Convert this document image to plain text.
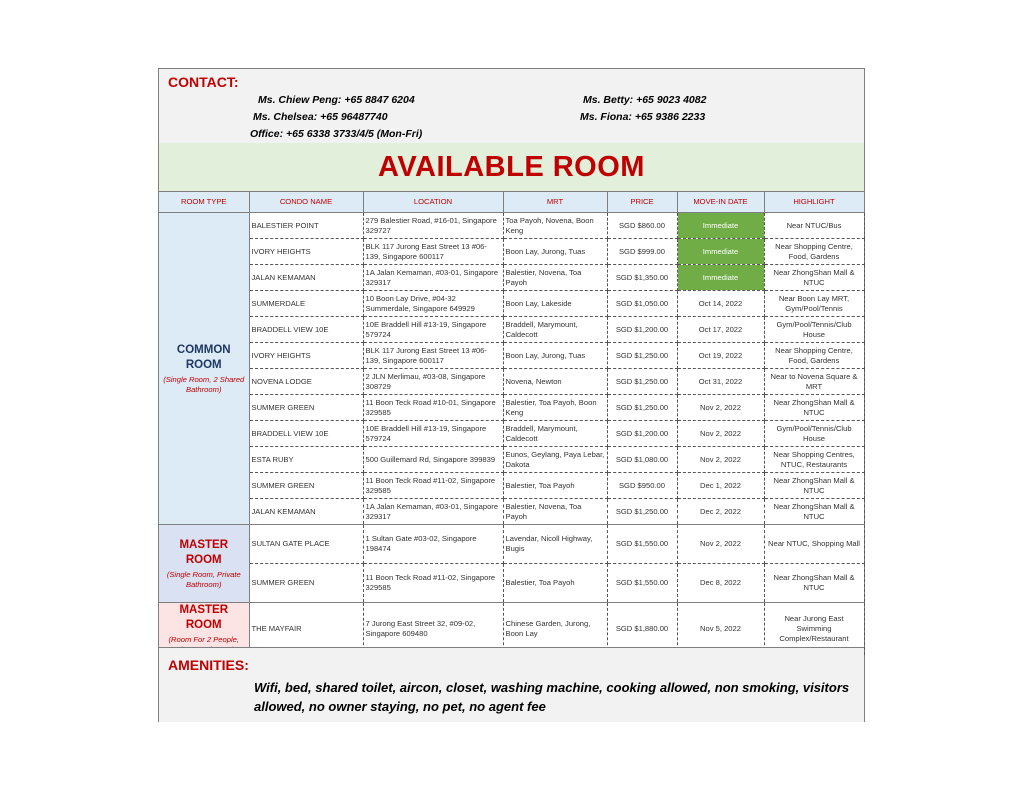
CONTACT:
Ms. Chiew Peng: +65 8847 6204
Ms. Chelsea: +65 96487740
Office: +65 6338 3733/4/5 (Mon-Fri)
Ms. Betty: +65 9023 4082
Ms. Fiona: +65 9386 2233
AVAILABLE ROOM
ROOM TYPE	CONDO NAME	LOCATION	MRT	PRICE	MOVE-IN DATE	HIGHLIGHT

COMMON ROOM
(Single Room, 2 Shared Bathroom)	BALESTIER POINT	279 Balestier Road, #16-01, Singapore 329727	Toa Payoh, Novena, Boon Keng	SGD $860.00	Immediate	Near NTUC/Bus
	IVORY HEIGHTS	BLK 117 Jurong East Street 13 #06-139, Singapore 600117	Boon Lay, Jurong, Tuas	SGD $999.00	Immediate	Near Shopping Centre, Food, Gardens
	JALAN KEMAMAN	1A Jalan Kemaman, #03-01, Singapore 329317	Balestier, Novena, Toa Payoh	SGD $1,350.00	Immediate	Near ZhongShan Mall & NTUC
	SUMMERDALE	10 Boon Lay Drive, #04-32 Summerdale, Singapore 649929	Boon Lay, Lakeside	SGD $1,050.00	Oct 14, 2022	Near Boon Lay MRT, Gym/Pool/Tennis
	BRADDELL VIEW 10E	10E Braddell Hill #13-19, Singapore 579724	Braddell, Marymount, Caldecott	SGD $1,200.00	Oct 17, 2022	Gym/Pool/Tennis/Club House
	IVORY HEIGHTS	BLK 117 Jurong East Street 13 #06-139, Singapore 600117	Boon Lay, Jurong, Tuas	SGD $1,250.00	Oct 19, 2022	Near Shopping Centre, Food, Gardens
	NOVENA LODGE	2 JLN Merlimau, #03-08, Singapore 308729	Novena, Newton	SGD $1,250.00	Oct 31, 2022	Near to Novena Square & MRT
	SUMMER GREEN	11 Boon Teck Road #10-01, Singapore 329585	Balestier, Toa Payoh, Boon Keng	SGD $1,250.00	Nov 2, 2022	Near ZhongShan Mall & NTUC
	BRADDELL VIEW 10E	10E Braddell Hill #13-19, Singapore 579724	Braddell, Marymount, Caldecott	SGD $1,200.00	Nov 2, 2022	Gym/Pool/Tennis/Club House
	ESTA RUBY	500 Guillemard Rd, Singapore 399839	Eunos, Geylang, Paya Lebar, Dakota	SGD $1,080.00	Nov 2, 2022	Near Shopping Centres, NTUC, Restaurants
	SUMMER GREEN	11 Boon Teck Road #11-02, Singapore 329585	Balestier, Toa Payoh	SGD $950.00	Dec 1, 2022	Near ZhongShan Mall & NTUC
	JALAN KEMAMAN	1A Jalan Kemaman, #03-01, Singapore 329317	Balestier, Novena, Toa Payoh	SGD $1,250.00	Dec 2, 2022	Near ZhongShan Mall & NTUC

MASTER ROOM
(Single Room, Private Bathroom)	SULTAN GATE PLACE	1 Sultan Gate #03-02, Singapore 198474	Lavendar, Nicoll Highway, Bugis	SGD $1,550.00	Nov 2, 2022	Near NTUC, Shopping Mall
	SUMMER GREEN	11 Boon Teck Road #11-02, Singapore 329585	Balestier, Toa Payoh	SGD $1,550.00	Dec 8, 2022	Near ZhongShan Mall & NTUC

MASTER ROOM
(Room For 2 People,	THE MAYFAIR	7 Jurong East Street 32, #09-02, Singapore 609480	Chinese Garden, Jurong, Boon Lay	SGD $1,880.00	Nov 5, 2022	Near Jurong East Swimming Complex/Restaurant
AMENITIES:
Wifi, bed, shared toilet, aircon, closet, washing machine, cooking allowed, non smoking, visitors allowed, no owner staying, no pet, no agent fee
